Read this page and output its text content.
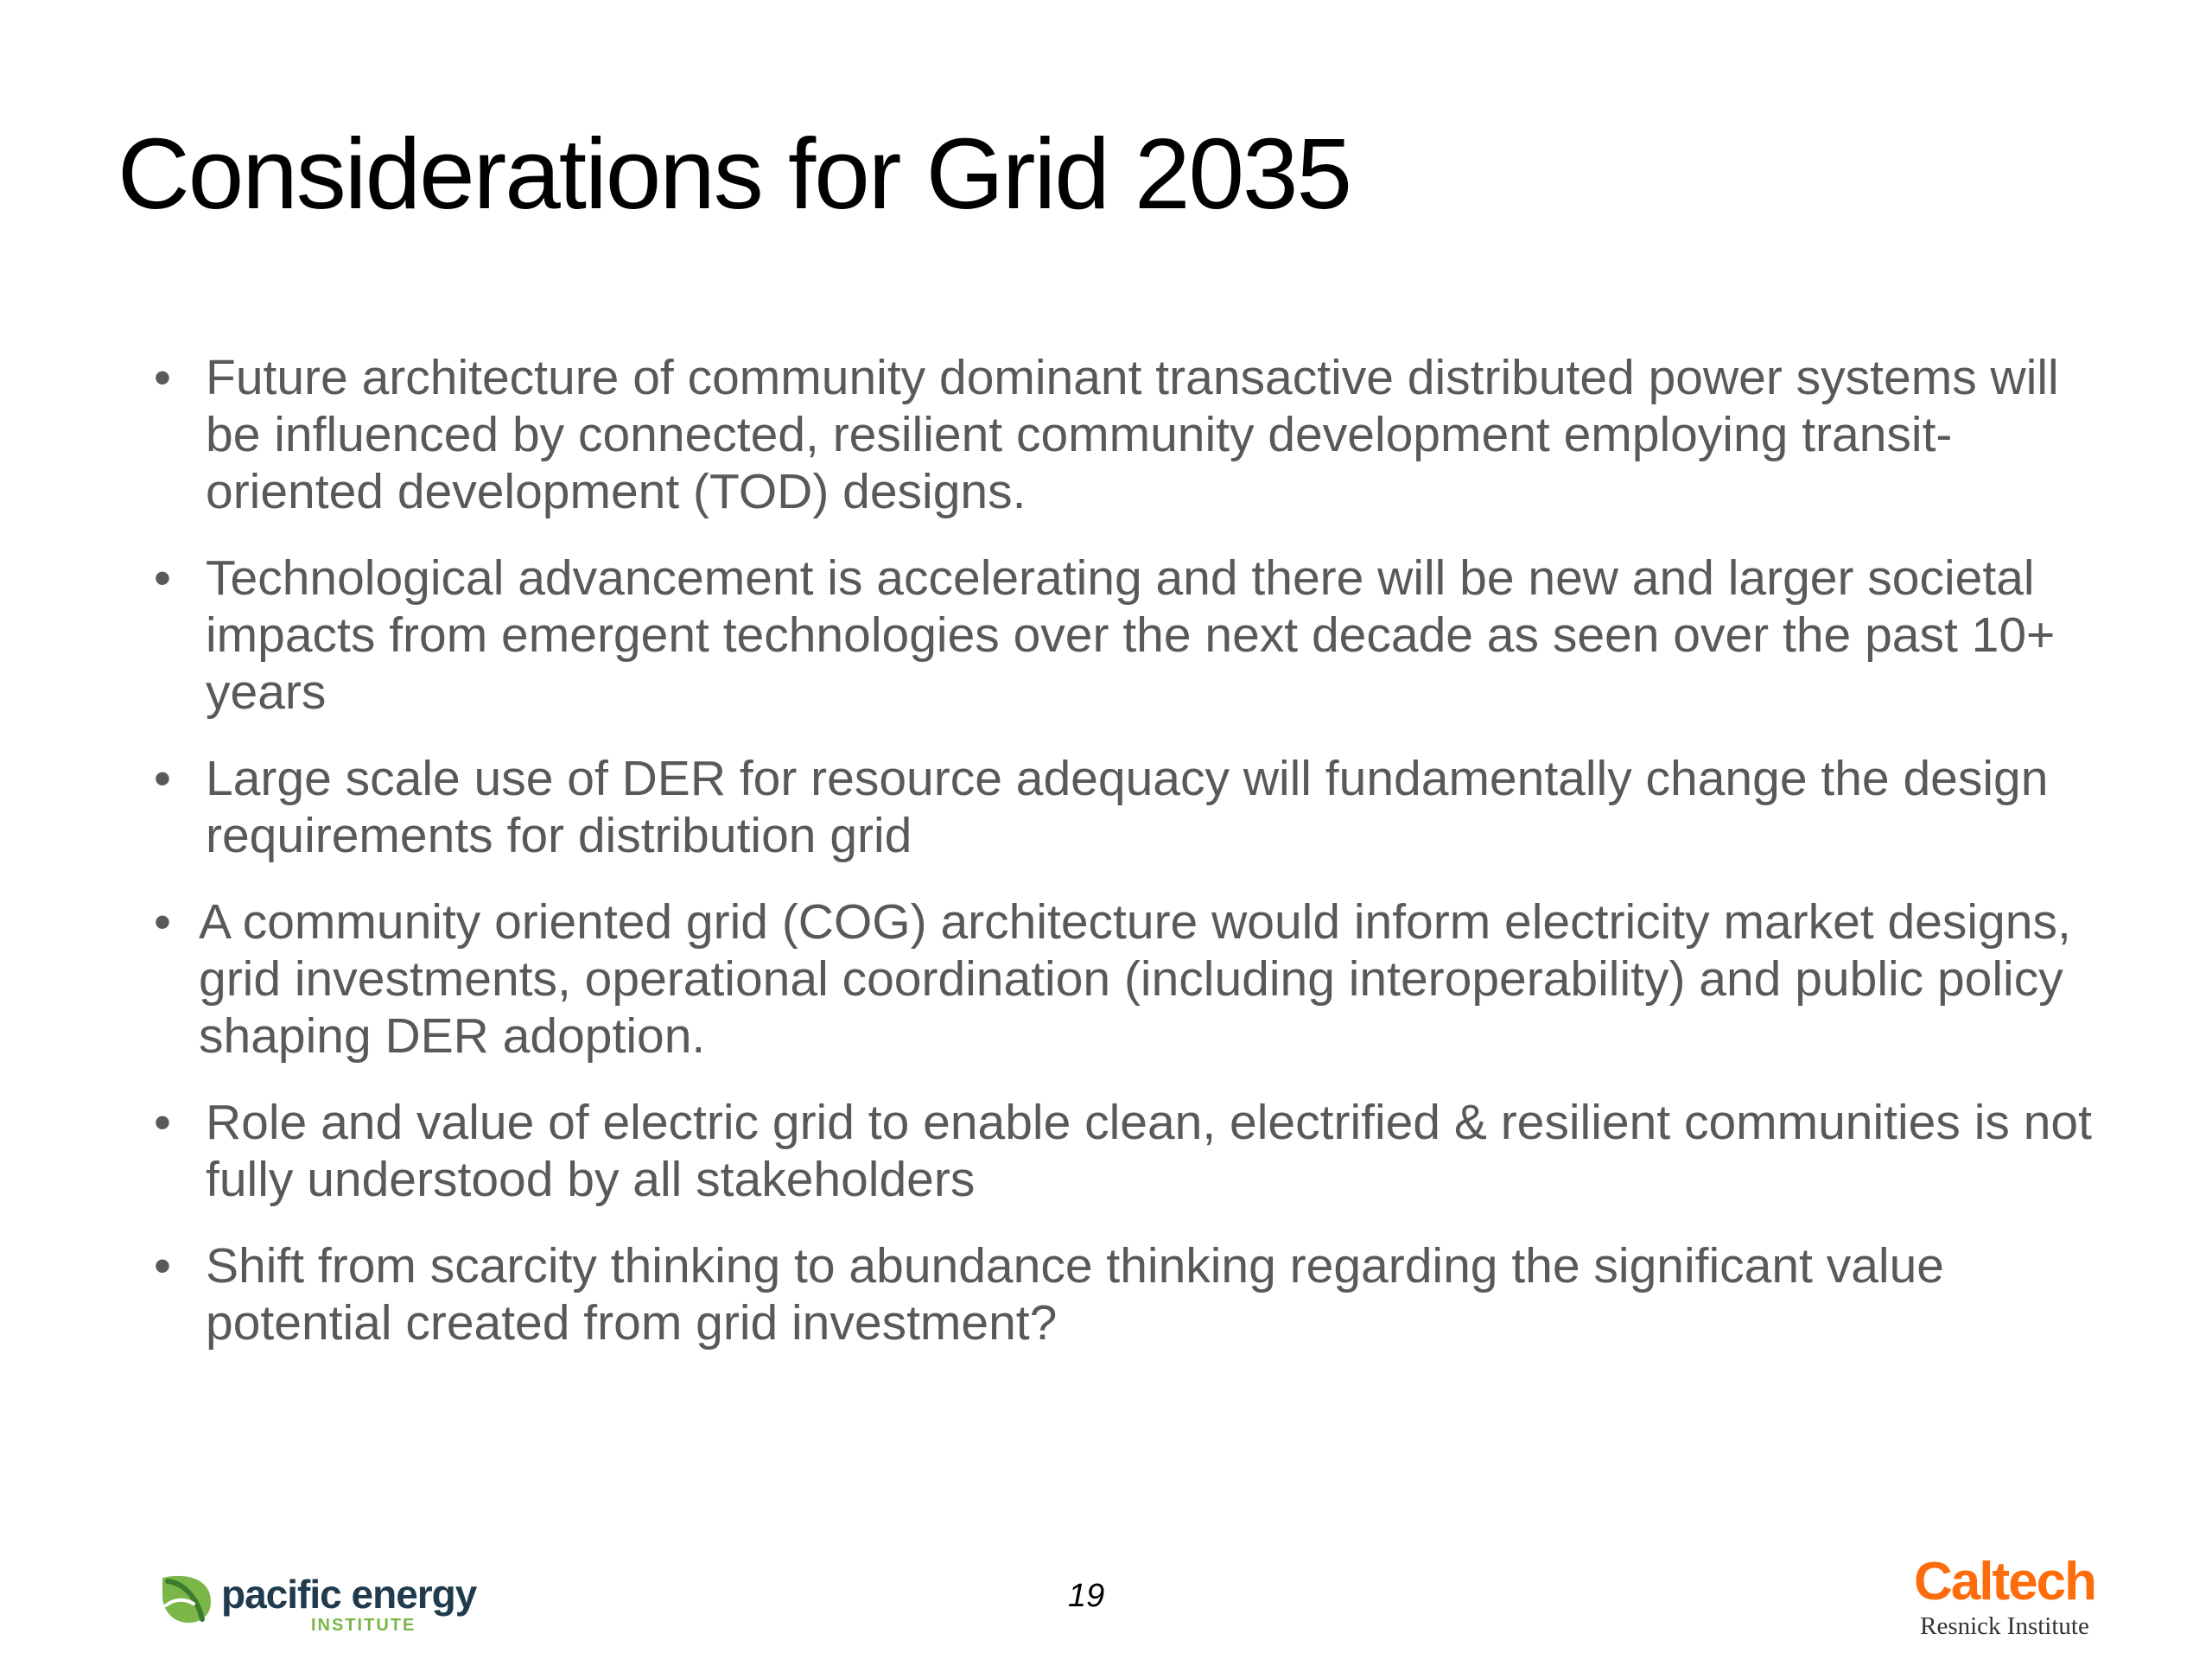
Considerations for Grid 2035
• Future architecture of community dominant transactive distributed power systems will be influenced by connected, resilient community development employing transit-oriented development (TOD) designs.
• Technological advancement is accelerating and there will be new and larger societal impacts from emergent technologies over the next decade as seen over the past 10+ years
• Large scale use of DER for resource adequacy will fundamentally change the design requirements for distribution grid
• A community oriented grid (COG) architecture would inform electricity market designs, grid investments, operational coordination (including interoperability) and public policy shaping DER adoption.
• Role and value of electric grid to enable clean, electrified & resilient communities is not fully understood by all stakeholders
• Shift from scarcity thinking to abundance thinking regarding the significant value potential created from grid investment?
pacific energy
INSTITUTE
19	Caltech
Resnick Institute
